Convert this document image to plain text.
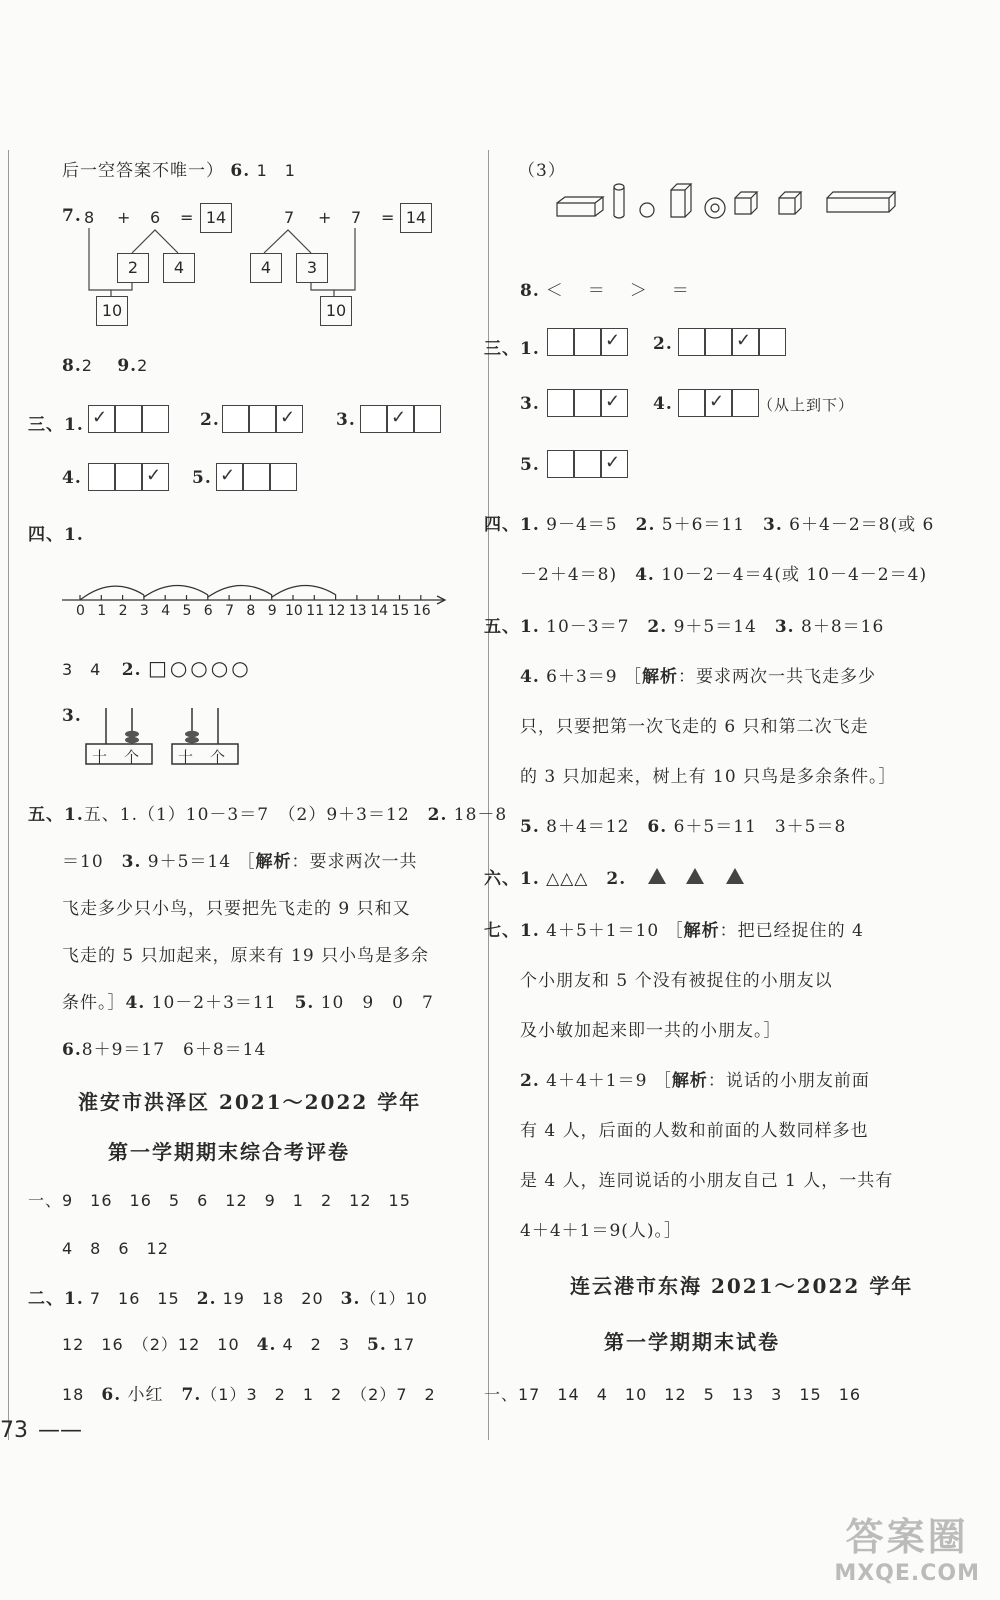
后一空答案不唯一） 6. 1　1
7. 8 + 6 = 14
2	4
10
7 + 7 = 14
4	3
10
8.2 9.2
三、1. ✓	2.	✓ 3. ✓
4.	✓ 5. ✓
四、1.
0 1 2 3 4 5 6 7 8 9 10 11 12 13 14 15 16
3　4 2. □○○○○
3.
十　个	十　个
五、1.五、1.（1）10－3＝7　（2）9＋3＝12　2. 18－8
＝10　3. 9＋5＝14 ［解析：要求两次一共
飞走多少只小鸟，只要把先飞走的 9 只和又
飞走的 5 只加起来，原来有 19 只小鸟是多余
条件。］4. 10－2＋3＝11　5. 10　9　0　7
6.8＋9＝17　6＋8＝14
淮安市洪泽区 2021～2022 学年
第一学期期末综合考评卷
一、9　16　16　5　6　12　9　1　2　12　15
4　8　6　12
二、1. 7　16　15　2. 19　18　20　3.（1）10
12　16　（2）12　10　4. 4　2　3　5. 17
18　6. 小红　7.（1）3　2　1　2　（2）7　2
73 ——
（3）
8. ＜　＝　＞　＝
三、1.	✓ 2.	✓
3.	✓ 4. ✓ （从上到下）
5.	✓
四、1. 9－4＝5　2. 5＋6＝11　3. 6＋4－2＝8(或 6
－2＋4＝8)　4. 10－2－4＝4(或 10－4－2＝4)
五、1. 10－3＝7　2. 9＋5＝14　3. 8＋8＝16
4. 6＋3＝9 ［解析：要求两次一共飞走多少
只，只要把第一次飞走的 6 只和第二次飞走
的 3 只加起来，树上有 10 只鸟是多余条件。］
5. 8＋4＝12　6. 6＋5＝11　3＋5＝8
六、1. △△△　2.
七、1. 4＋5＋1＝10 ［解析：把已经捉住的 4
个小朋友和 5 个没有被捉住的小朋友以
及小敏加起来即一共的小朋友。］
2. 4＋4＋1＝9 ［解析：说话的小朋友前面
有 4 人，后面的人数和前面的人数同样多也
是 4 人，连同说话的小朋友自己 1 人，一共有
4＋4＋1＝9(人)。］
连云港市东海 2021～2022 学年
第一学期期末试卷
一、17　14　4　10　12　5　13　3　15　16
答案圈
MXQE.COM
